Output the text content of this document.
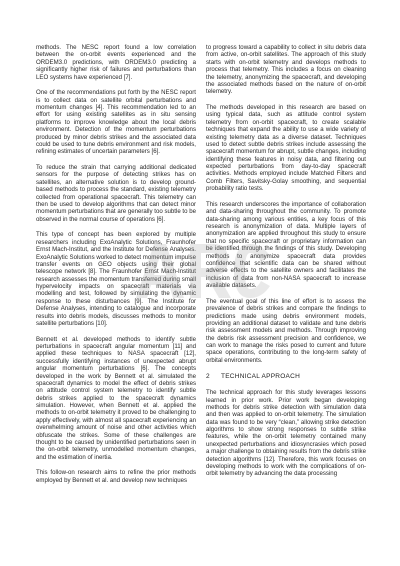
methods. The NESC report found a low correlation between the on-orbit events experienced and the ORDEM3.0 predictions, with ORDEM3.0 predicting a significantly higher risk of failures and perturbations than LEO systems have experienced [7].

One of the recommendations put forth by the NESC report is to collect data on satellite orbital perturbations and momentum changes [4]. This recommendation led to an effort for using existing satellites as in situ sensing platforms to improve knowledge about the local debris environment. Detection of the momentum perturbations produced by minor debris strikes and the associated data could be used to tune debris environment and risk models, refining estimates of uncertain parameters [6].

To reduce the strain that carrying additional dedicated sensors for the purpose of detecting strikes has on satellites, an alternative solution is to develop ground-based methods to process the standard, existing telemetry collected from operational spacecraft. This telemetry can then be used to develop algorithms that can detect minor momentum perturbations that are generally too subtle to be observed in the normal course of operations [6].

This type of concept has been explored by multiple researchers including ExoAnalytic Solutions, Fraunhofer Ernst Mach-Institut, and the Institute for Defense Analyses. ExoAnalytic Solutions worked to detect momentum impulse transfer events on GEO objects using their global telescope network [8]. The Fraunhofer Ernst Mach-Institut research assesses the momentum transferred during small hypervelocity impacts on spacecraft materials via modelling and test, followed by simulating the dynamic response to these disturbances [9]. The Institute for Defense Analyses, intending to catalogue and incorporate results into debris models, discusses methods to monitor satellite perturbations [10].

Bennett et al. developed methods to identify subtle perturbations in spacecraft angular momentum [11] and applied these techniques to NASA spacecraft [12], successfully identifying instances of unexpected abrupt angular momentum perturbations [6]. The concepts developed in the work by Bennett et al. simulated the spacecraft dynamics to model the effect of debris strikes on attitude control system telemetry to identify subtle debris strikes applied to the spacecraft dynamics simulation. However, when Bennett et al. applied the methods to on-orbit telemetry it proved to be challenging to apply effectively, with almost all spacecraft experiencing an overwhelming amount of noise and other activities which obfuscate the strikes. Some of these challenges are thought to be caused by unidentified perturbations seen in the on-orbit telemetry, unmodelled momentum changes, and the estimation of inertia.

This follow-on research aims to refine the prior methods employed by Bennett et al. and develop new techniques

to progress toward a capability to collect in situ debris data from active, on-orbit satellites. The approach of this study starts with on-orbit telemetry and develops methods to process that telemetry. This includes a focus on cleaning the telemetry, anonymizing the spacecraft, and developing the associated methods based on the nature of on-orbit telemetry.

The methods developed in this research are based on using typical data, such as attitude control system telemetry from on-orbit spacecraft, to create scalable techniques that expand the ability to use a wide variety of existing telemetry data as a diverse dataset. Techniques used to detect subtle debris strikes include assessing the spacecraft momentum for abrupt, subtle changes, including identifying these features in noisy data, and filtering out expected perturbations from day-to-day spacecraft activities. Methods employed include Matched Filters and Comb Filters, Savitsky-Golay smoothing, and sequential probability ratio tests.

This research underscores the importance of collaboration and data-sharing throughout the community. To promote data-sharing among various entities, a key focus of this research is anonymization of data. Multiple layers of anonymization are applied throughout this study to ensure that no specific spacecraft or proprietary information can be identified through the findings of this study. Developing methods to anonymize spacecraft data provides confidence that scientific data can be shared without adverse effects to the satellite owners and facilitates the inclusion of data from non-NASA spacecraft to increase available datasets.

The eventual goal of this line of effort is to assess the prevalence of debris strikes and compare the findings to predictions made using debris environment models, providing an additional dataset to validate and tune debris risk assessment models and methods. Through improving the debris risk assessment precision and confidence, we can work to manage the risks posed to current and future space operations, contributing to the long-term safety of orbital environments.

2 TECHNICAL APPROACH

The technical approach for this study leverages lessons learned in prior work. Prior work began developing methods for debris strike detection with simulation data and then was applied to on-orbit telemetry. The simulation data was found to be very “clean,” allowing strike detection algorithms to show strong responses to subtle strike features, while the on-orbit telemetry contained many unexpected perturbations and idiosyncrasies which posed a major challenge to obtaining results from the debris strike detection algorithms [12]. Therefore, this work focuses on developing methods to work with the complications of on-orbit telemetry by advancing the data processing
